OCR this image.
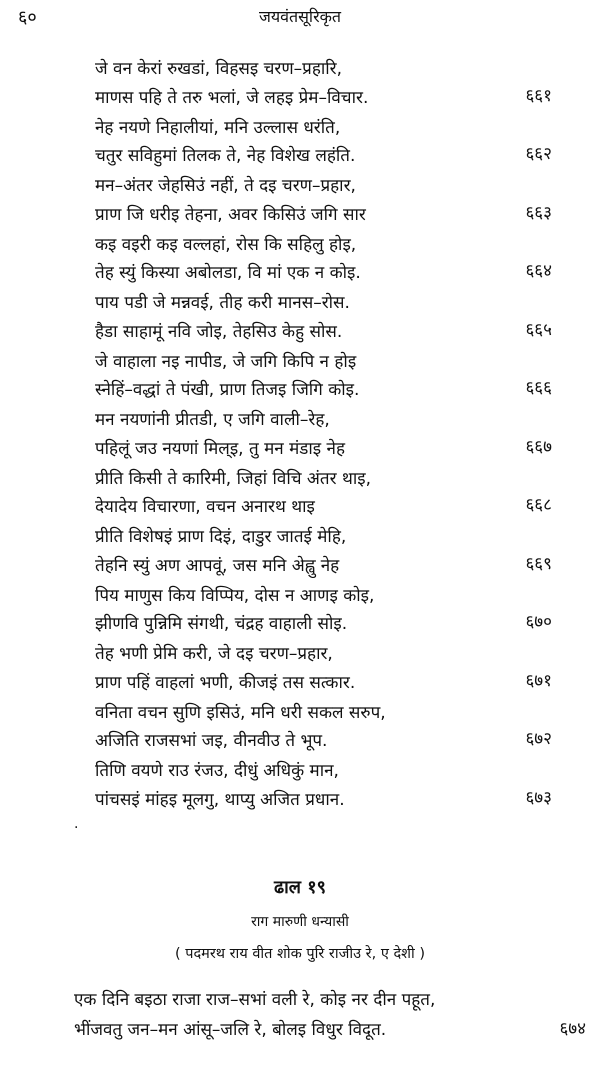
६०	जयवंतसूरिकृत
जे वन केरां रुखडां, विहसइ चरण–प्रहारि,
माणस पहि ते तरु भलां, जे लहइ प्रेम–विचार.	६६१
नेह नयणे निहालीयां, मनि उल्लास धरंति,
चतुर सविहुमां तिलक ते, नेह विशेख लहंति.	६६२
मन–अंतर जेहसिउं नहीं, ते दइ चरण–प्रहार,
प्राण जि धरीइ तेहना, अवर किसिउं जगि सार	६६३
कइ वइरी कइ वल्लहां, रोस कि सहिलु होइ,
तेह स्युं किस्या अबोलडा, वि मां एक न कोइ.	६६४
पाय पडी जे मन्नवई, तीह करी मानस–रोस.
हैडा साहामूं नवि जोइ, तेहसिउ केहु सोस.	६६५
जे वाहाला नइ नापीड, जे जगि किपि न होइ
स्नेहिं–वद्धां ते पंखी, प्राण तिजइ जिगि कोइ.	६६६
मन नयणांनी प्रीतडी, ए जगि वाली–रेह,
पहिलूं जउ नयणां मिल्इ, तु मन मंडाइ नेह	६६७
प्रीति किसी ते कारिमी, जिहां विचि अंतर थाइ,
देयादेय विचारणा, वचन अनारथ थाइ	६६८
प्रीति विशेषइं प्राण दिइं, दाडुर जातई मेहि,
तेहनि स्युं अण आपवूं, जस मनि अेह्वु नेह	६६९
पिय माणुस किय विप्पिय, दोस न आणइ कोइ,
झीणवि पुन्निमि संगथी, चंद्रह वाहाली सोइ.	६७०
तेह भणी प्रेमि करी, जे दइ चरण–प्रहार,
प्राण पहिं वाहलां भणी, कीजइं तस सत्कार.	६७१
वनिता वचन सुणि इसिउं, मनि धरी सकल सरुप,
अजिति राजसभां जइ, वीनवीउ ते भूप.	६७२
तिणि वयणे राउ रंजउ, दीधुं अधिकुं मान,
पांचसइं मांहइ मूलगु, थाप्यु अजित प्रधान.	६७३
·
ढाल १९
राग मारुणी धन्यासी
( पदमरथ राय वीत शोक पुरि राजीउ रे, ए देशी )
एक दिनि बइठा राजा राज–सभां वली रे, कोइ नर दीन पहूत,
भींजवतु जन–मन आंसू–जलि रे, बोलइ विधुर विदूत.	६७४
